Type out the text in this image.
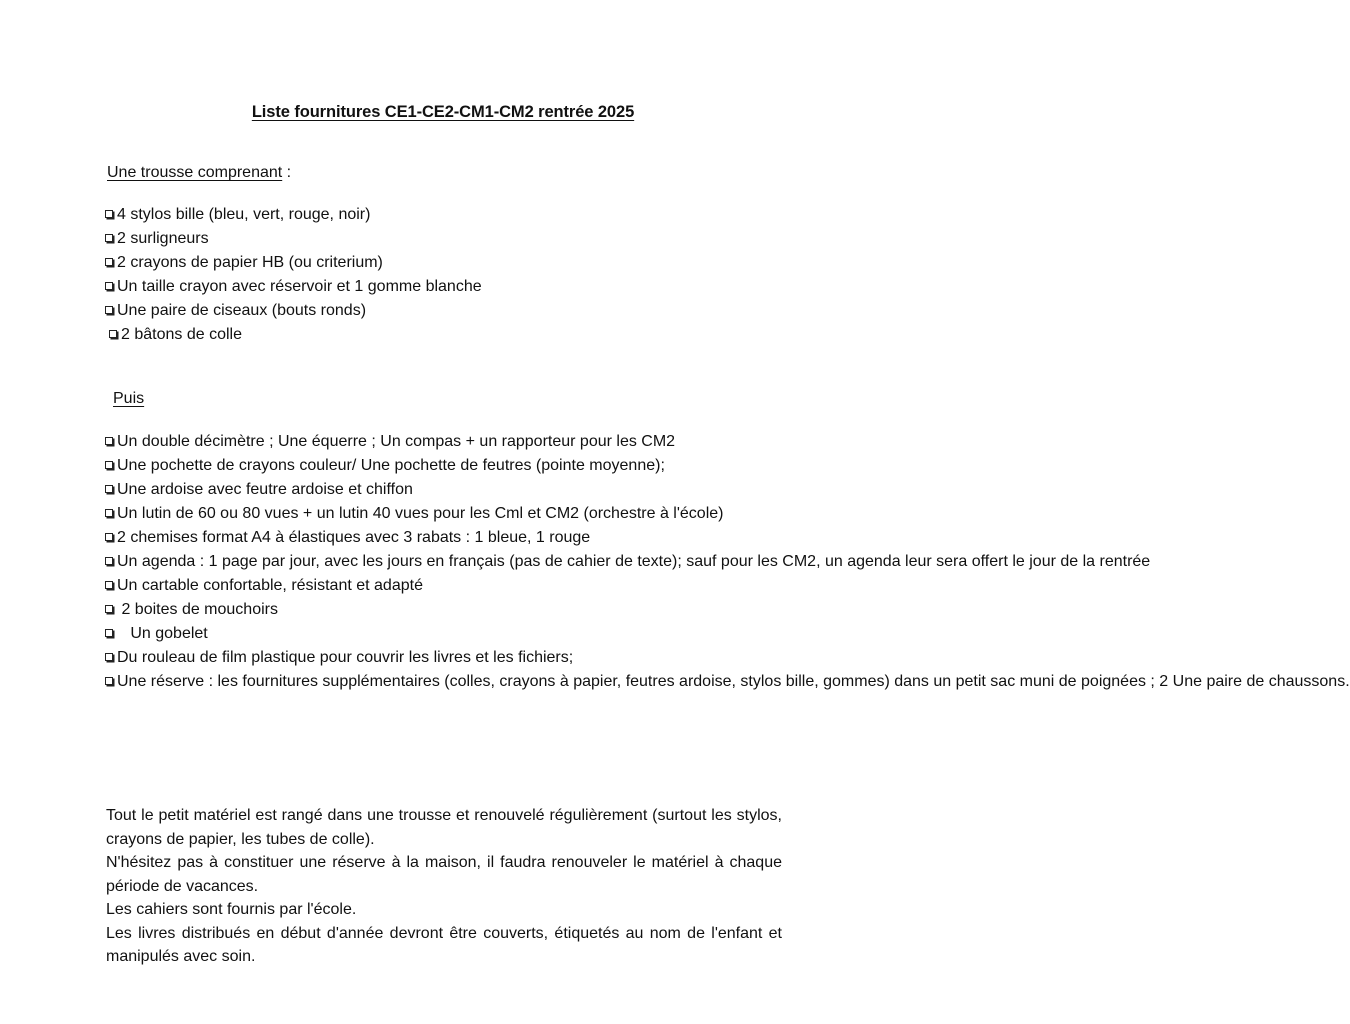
Liste fournitures CE1-CE2-CM1-CM2 rentrée 2025
Une trousse comprenant :
4 stylos bille (bleu, vert, rouge, noir)
2 surligneurs
2 crayons de papier HB (ou criterium)
Un taille crayon avec réservoir et 1 gomme blanche
Une paire de ciseaux (bouts ronds)
2 bâtons de colle
Puis
Un double décimètre ; Une équerre ; Un compas + un rapporteur pour les CM2
Une pochette de crayons couleur/ Une pochette de feutres (pointe moyenne);
Une ardoise avec feutre ardoise et chiffon
Un lutin de 60 ou 80 vues + un lutin 40 vues pour les Cml et CM2 (orchestre à l'école)
2 chemises format A4 à élastiques avec 3 rabats : 1 bleue, 1 rouge
Un agenda : 1 page par jour, avec les jours en français (pas de cahier de texte); sauf pour les CM2, un agenda leur sera offert le jour de la rentrée
Un cartable confortable, résistant et adapté
2 boites de mouchoirs
Un gobelet
Du rouleau de film plastique pour couvrir les livres et les fichiers;
Une réserve : les fournitures supplémentaires (colles, crayons à papier, feutres ardoise, stylos bille, gommes) dans un petit sac muni de poignées ; 2 Une paire de chaussons.
Tout le petit matériel est rangé dans une trousse et renouvelé régulièrement (surtout les stylos, crayons de papier, les tubes de colle).
N'hésitez pas à constituer une réserve à la maison, il faudra renouveler le matériel à chaque période de vacances.
Les cahiers sont fournis par l'école.
Les livres distribués en début d'année devront être couverts, étiquetés au nom de l'enfant et manipulés avec soin.
